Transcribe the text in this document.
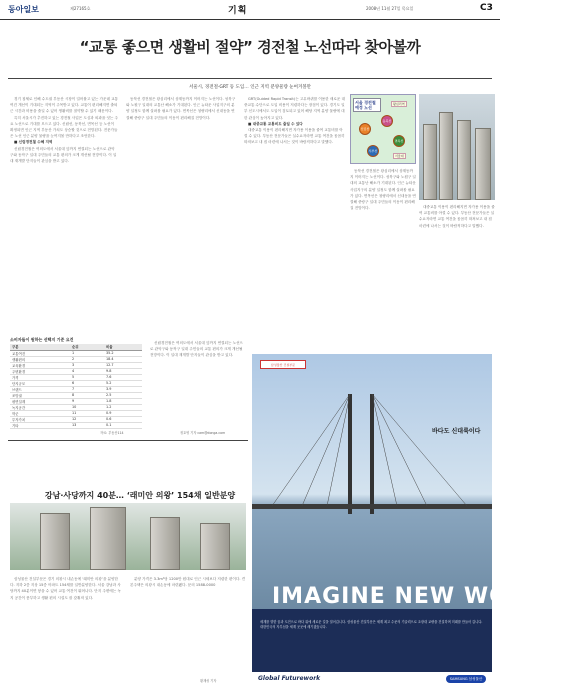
동아일보	제27165호	기획	2008년 11월 27일 목요일	C3
“교통 좋으면 생활비 절약” 경전철 노선따라 찾아볼까
서울시, 경전철·GRT 등 도입… 인근 지역 분양물량 눈여겨볼만

경기 침체로 인해 수도권 부동산 시장이 얼어붙고 있는 가운데 교통 여건 개선이 기대되는 지역이 주목받고 있다. 교통이 편리해지면 출퇴근 시간과 비용을 줄일 수 있어 생활비를 절약할 수 있기 때문이다.

특히 서울시가 추진하고 있는 경전철 사업은 도심과 외곽을 잇는 주요 노선으로 기대를 모으고 있다. 신림선, 동북선, 면목선 등 노선이 확정되면 인근 지역 부동산 가치도 상승할 것으로 전망된다. 전문가들은 노선 인근 분양 물량을 눈여겨볼 만하다고 조언한다.

■ 신림경전철 수혜 지역

신림경전철은 여의도에서 서울대 앞까지 연결되는 노선으로 관악구와 동작구 일대 주민들의 교통 편의가 크게 개선될 전망이다. 이 일대 재개발 단지들이 관심을 받고 있다.

동북선 경전철은 왕십리에서 상계동까지 이어지는 노선이다. 성북구와 노원구 일대의 교통난 해소가 기대된다. 인근 뉴타운 사업지구의 분양 일정도 함께 살펴볼 필요가 있다. 면목선은 청량리에서 신내동을 연결해 중랑구 일대 주민들의 이동이 편리해질 전망이다.

GRT(Guided Rapid Transit)는 고무바퀴를 이용한 새로운 대중교통 수단으로 도입 비용이 저렴하다는 장점이 있다. 경기도 일부 신도시에서도 도입이 검토되고 있어 해당 지역 분양 물량에 대한 관심이 높아지고 있다.

■ 대중교통 교통비도 줄일 수 있다

대중교통 이용이 편리해지면 자가용 이용을 줄여 교통비를 아낄 수 있다. 부동산 전문가들은 실수요자라면 교통 여건을 꼼꼼히 따져보고 내 집 마련에 나서는 것이 바람직하다고 말했다.

서울 경전철 예정 노선
신림선
동북선
면목선
서부선
왕십리역
서울대

동북선 경전철은 왕십리에서 상계동까지 이어지는 노선이다. 성북구와 노원구 일대의 교통난 해소가 기대된다. 인근 뉴타운 사업지구의 분양 일정도 함께 살펴볼 필요가 있다. 면목선은 청량리에서 신내동을 연결해 중랑구 일대 주민들의 이동이 편리해질 전망이다.	대중교통 이용이 편리해지면 자가용 이용을 줄여 교통비를 아낄 수 있다. 부동산 전문가들은 실수요자라면 교통 여건을 꼼꼼히 따져보고 내 집 마련에 나서는 것이 바람직하다고 말했다.

소비자들이 원하는 선택지 기준 요건
구분	순위	비율
교통여건	1	35.2
생활편의	2	18.4
교육환경	3	12.7
주변환경	4	9.8
가격	5	7.6
단지규모	6	5.2
브랜드	7	3.9
조망권	8	2.5
평면설계	9	1.8
녹지공간	10	1.2
학군	11	0.9
투자가치	12	0.6
기타	13	0.1
자료: 부동산114

신림경전철은 여의도에서 서울대 앞까지 연결되는 노선으로 관악구와 동작구 일대 주민들의 교통 편의가 크게 개선될 전망이다. 이 일대 재개발 단지들이 관심을 받고 있다.

정호영 기자 cam@donga.com
강남·사당까지 40분… ‘래미안 의왕’ 154채 일반분양

삼성물산 건설부문은 경기 의왕시 내손동에 ‘래미안 의왕’을 분양한다. 지하 2층 지상 15층 아파트 154채를 일반분양한다. 서울 강남과 사당까지 40분이면 닿을 수 있어 교통 여건이 뛰어나다. 단지 주변에는 녹지 공간이 풍부하고 생활 편의 시설도 잘 갖춰져 있다.

분양 가격은 3.3m²당 1200만 원대로 인근 시세보다 저렴한 편이다. 견본주택은 의왕시 내손동에 마련됐다. 문의 1588-0000

황재성 기자
삼성물산 건설부문
바다도 신대륙이다
IMAGINE NEW WORLD
세계를 향한 꿈과 도전으로 바다 위에 새로운 길을 열어갑니다. 삼성물산 건설부문은 세계 최고 수준의 기술력으로 초장대 교량을 건설하며 미래를 만들어 갑니다. 대한민국의 자부심을 세계 곳곳에 새기겠습니다.
Global Futurework	SAMSUNG 삼성물산
